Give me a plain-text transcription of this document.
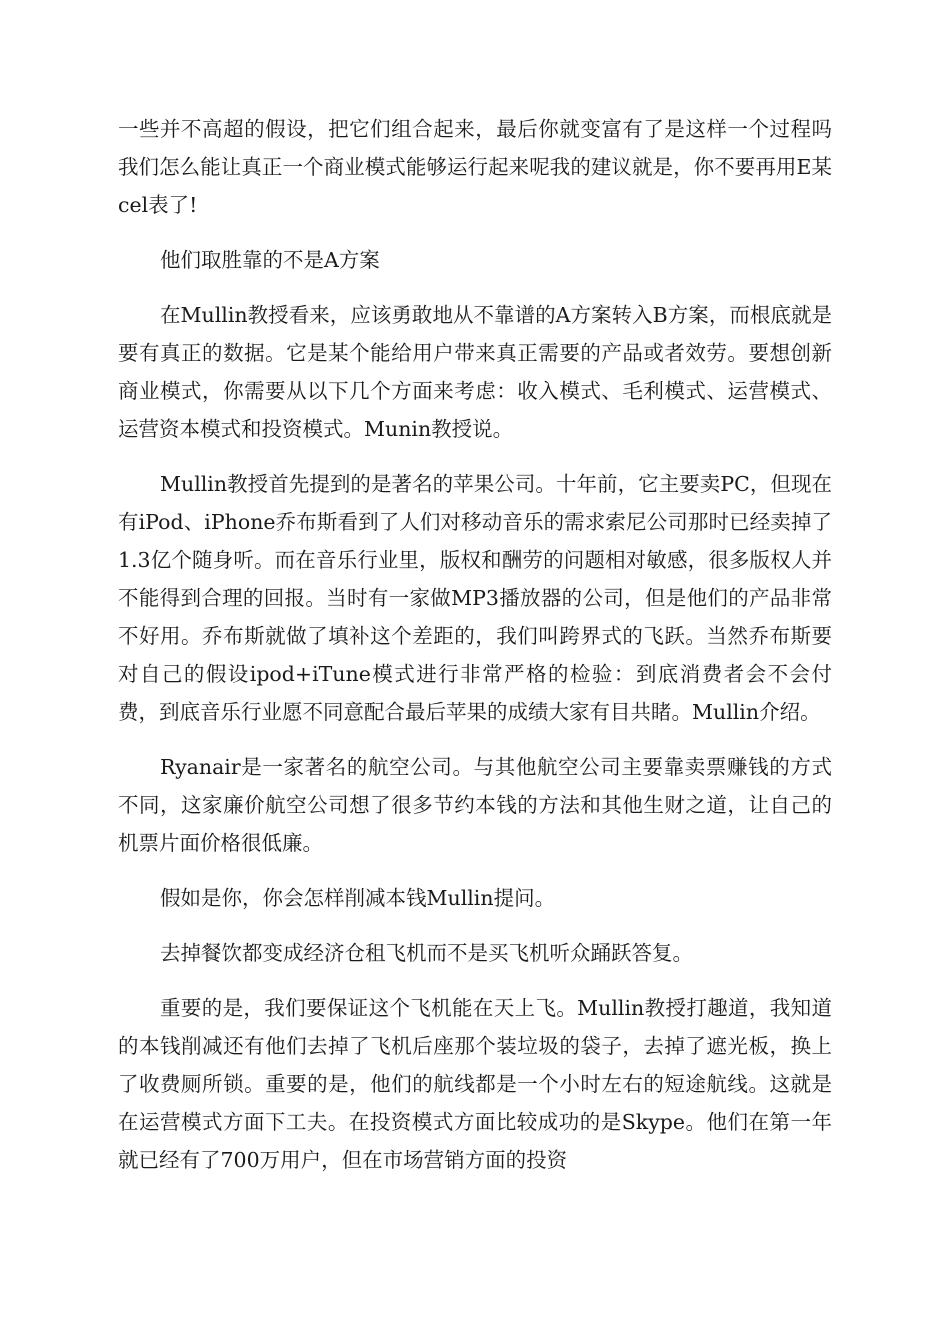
一些并不高超的假设，把它们组合起来，最后你就变富有了是这样一个过程吗我们怎么能让真正一个商业模式能够运行起来呢我的建议就是，你不要再用E某cel表了!

他们取胜靠的不是A方案

在Mullin教授看来，应该勇敢地从不靠谱的A方案转入B方案，而根底就是要有真正的数据。它是某个能给用户带来真正需要的产品或者效劳。要想创新商业模式，你需要从以下几个方面来考虑：收入模式、毛利模式、运营模式、运营资本模式和投资模式。Munin教授说。

Mullin教授首先提到的是著名的苹果公司。十年前，它主要卖PC，但现在有iPod、iPhone乔布斯看到了人们对移动音乐的需求索尼公司那时已经卖掉了1.3亿个随身听。而在音乐行业里，版权和酬劳的问题相对敏感，很多版权人并不能得到合理的回报。当时有一家做MP3播放器的公司，但是他们的产品非常不好用。乔布斯就做了填补这个差距的，我们叫跨界式的飞跃。当然乔布斯要对自己的假设ipod+iTune模式进行非常严格的检验：到底消费者会不会付费，到底音乐行业愿不同意配合最后苹果的成绩大家有目共睹。Mullin介绍。

Ryanair是一家著名的航空公司。与其他航空公司主要靠卖票赚钱的方式不同，这家廉价航空公司想了很多节约本钱的方法和其他生财之道，让自己的机票片面价格很低廉。

假如是你，你会怎样削减本钱Mullin提问。

去掉餐饮都变成经济仓租飞机而不是买飞机听众踊跃答复。

重要的是，我们要保证这个飞机能在天上飞。Mullin教授打趣道，我知道的本钱削减还有他们去掉了飞机后座那个装垃圾的袋子，去掉了遮光板，换上了收费厕所锁。重要的是，他们的航线都是一个小时左右的短途航线。这就是在运营模式方面下工夫。在投资模式方面比较成功的是Skype。他们在第一年就已经有了700万用户，但在市场营销方面的投资
